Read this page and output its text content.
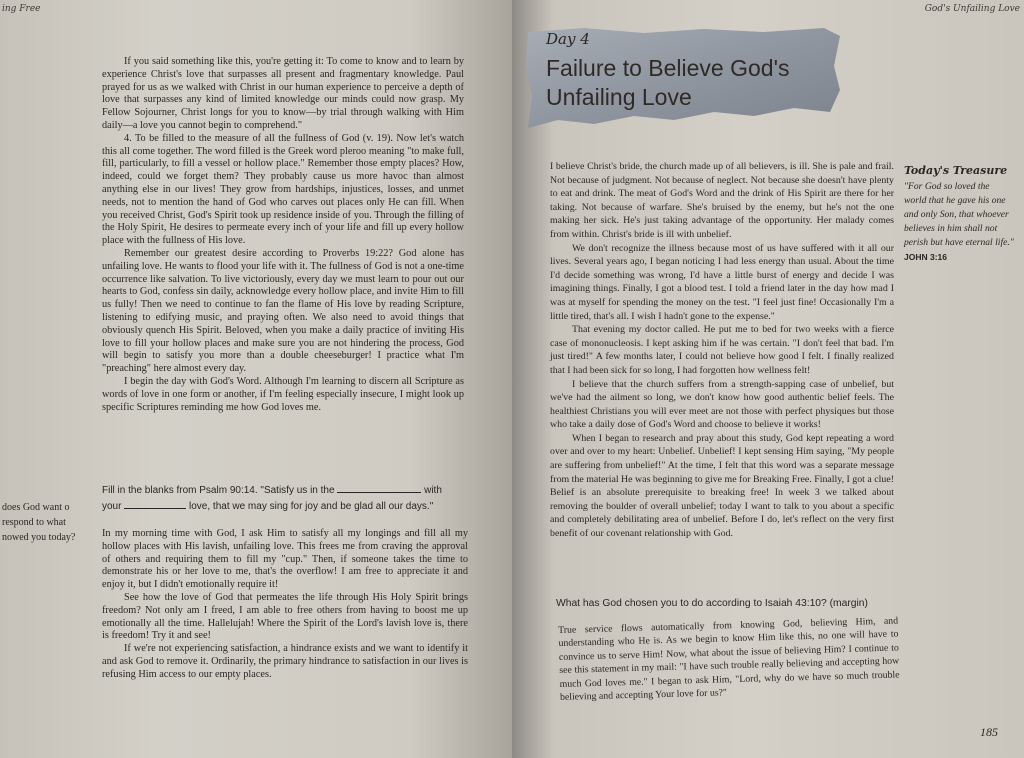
ing Free

If you said something like this, you're getting it: To come to know and to learn by experience Christ's love that surpasses all present and fragmentary knowledge. Paul prayed for us as we walked with Christ in our human experience to perceive a depth of love that surpasses any kind of limited knowledge our minds could now grasp. My Fellow Sojourner, Christ longs for you to know—by trial through walking with Him daily—a love you cannot begin to comprehend."

4. To be filled to the measure of all the fullness of God (v. 19). Now let's watch this all come together. The word filled is the Greek word pleroo meaning "to make full, fill, particularly, to fill a vessel or hollow place." Remember those empty places? How, indeed, could we forget them? They probably cause us more havoc than almost anything else in our lives! They grow from hardships, injustices, losses, and unmet needs, not to mention the hand of God who carves out places only He can fill. When you received Christ, God's Spirit took up residence inside of you. Through the filling of the Holy Spirit, He desires to permeate every inch of your life and fill up every hollow place with the fullness of His love.

Remember our greatest desire according to Proverbs 19:22? God alone has unfailing love. He wants to flood your life with it. The fullness of God is not a one-time occurrence like salvation. To live victoriously, every day we must learn to pour out our hearts to God, confess sin daily, acknowledge every hollow place, and invite Him to fill us fully! Then we need to continue to fan the flame of His love by reading Scripture, listening to edifying music, and praying often. We also need to avoid things that obviously quench His Spirit. Beloved, when you make a daily practice of inviting His love to fill your hollow places and make sure you are not hindering the process, God will begin to satisfy you more than a double cheeseburger! I practice what I'm "preaching" here almost every day.

I begin the day with God's Word. Although I'm learning to discern all Scripture as words of love in one form or another, if I'm feeling especially insecure, I might look up specific Scriptures reminding me how God loves me.

Fill in the blanks from Psalm 90:14. "Satisfy us in the	with
your	love, that we may sing for joy and be glad all our days."

In my morning time with God, I ask Him to satisfy all my longings and fill all my hollow places with His lavish, unfailing love. This frees me from craving the approval of others and requiring them to fill my "cup." Then, if someone takes the time to demonstrate his or her love to me, that's the overflow! I am free to appreciate it and enjoy it, but I didn't emotionally require it!

See how the love of God that permeates the life through His Holy Spirit brings freedom? Not only am I freed, I am able to free others from having to boost me up emotionally all the time. Hallelujah! Where the Spirit of the Lord's lavish love is, there is freedom! Try it and see!

If we're not experiencing satisfaction, a hindrance exists and we want to identify it and ask God to remove it. Ordinarily, the primary hindrance to satisfaction in our lives is refusing Him access to our empty places.

does God want o respond to what nowed you today?
God's Unfailing Love
185
Day 4
Failure to Believe God's Unfailing Love

I believe Christ's bride, the church made up of all believers, is ill. She is pale and frail. Not because of judgment. Not because of neglect. Not because she doesn't have plenty to eat and drink. The meat of God's Word and the drink of His Spirit are there for her taking. Not because of warfare. She's bruised by the enemy, but he's not the one making her sick. He's just taking advantage of the opportunity. Her malady comes from within. Christ's bride is ill with unbelief.

We don't recognize the illness because most of us have suffered with it all our lives. Several years ago, I began noticing I had less energy than usual. About the time I'd decide something was wrong, I'd have a little burst of energy and decide I was imagining things. Finally, I got a blood test. I told a friend later in the day how mad I was at myself for spending the money on the test. "I feel just fine! Occasionally I'm a little tired, that's all. I wish I hadn't gone to the expense."

That evening my doctor called. He put me to bed for two weeks with a fierce case of mononucleosis. I kept asking him if he was certain. "I don't feel that bad. I'm just tired!" A few months later, I could not believe how good I felt. I finally realized that I had been sick for so long, I had forgotten how wellness felt!

I believe that the church suffers from a strength-sapping case of unbelief, but we've had the ailment so long, we don't know how good authentic belief feels. The healthiest Christians you will ever meet are not those with perfect physiques but those who take a daily dose of God's Word and choose to believe it works!

When I began to research and pray about this study, God kept repeating a word over and over to my heart: Unbelief. Unbelief! I kept sensing Him saying, "My people are suffering from unbelief!" At the time, I felt that this word was a separate message from the material He was beginning to give me for Breaking Free. Finally, I got a clue! Belief is an absolute prerequisite to breaking free! In week 3 we talked about removing the boulder of overall unbelief; today I want to talk to you about a specific and completely debilitating area of unbelief. Before I do, let's reflect on the very first benefit of our covenant relationship with God.

What has God chosen you to do according to Isaiah 43:10? (margin)

True service flows automatically from knowing God, believing Him, and understanding who He is. As we begin to know Him like this, no one will have to convince us to serve Him! Now, what about the issue of believing Him? I continue to see this statement in my mail: "I have such trouble really believing and accepting how much God loves me." I began to ask Him, "Lord, why do we have so much trouble believing and accepting Your love for us?"

Today's Treasure
"For God so loved the world that he gave his one and only Son, that whoever believes in him shall not perish but have eternal life." JOHN 3:16
